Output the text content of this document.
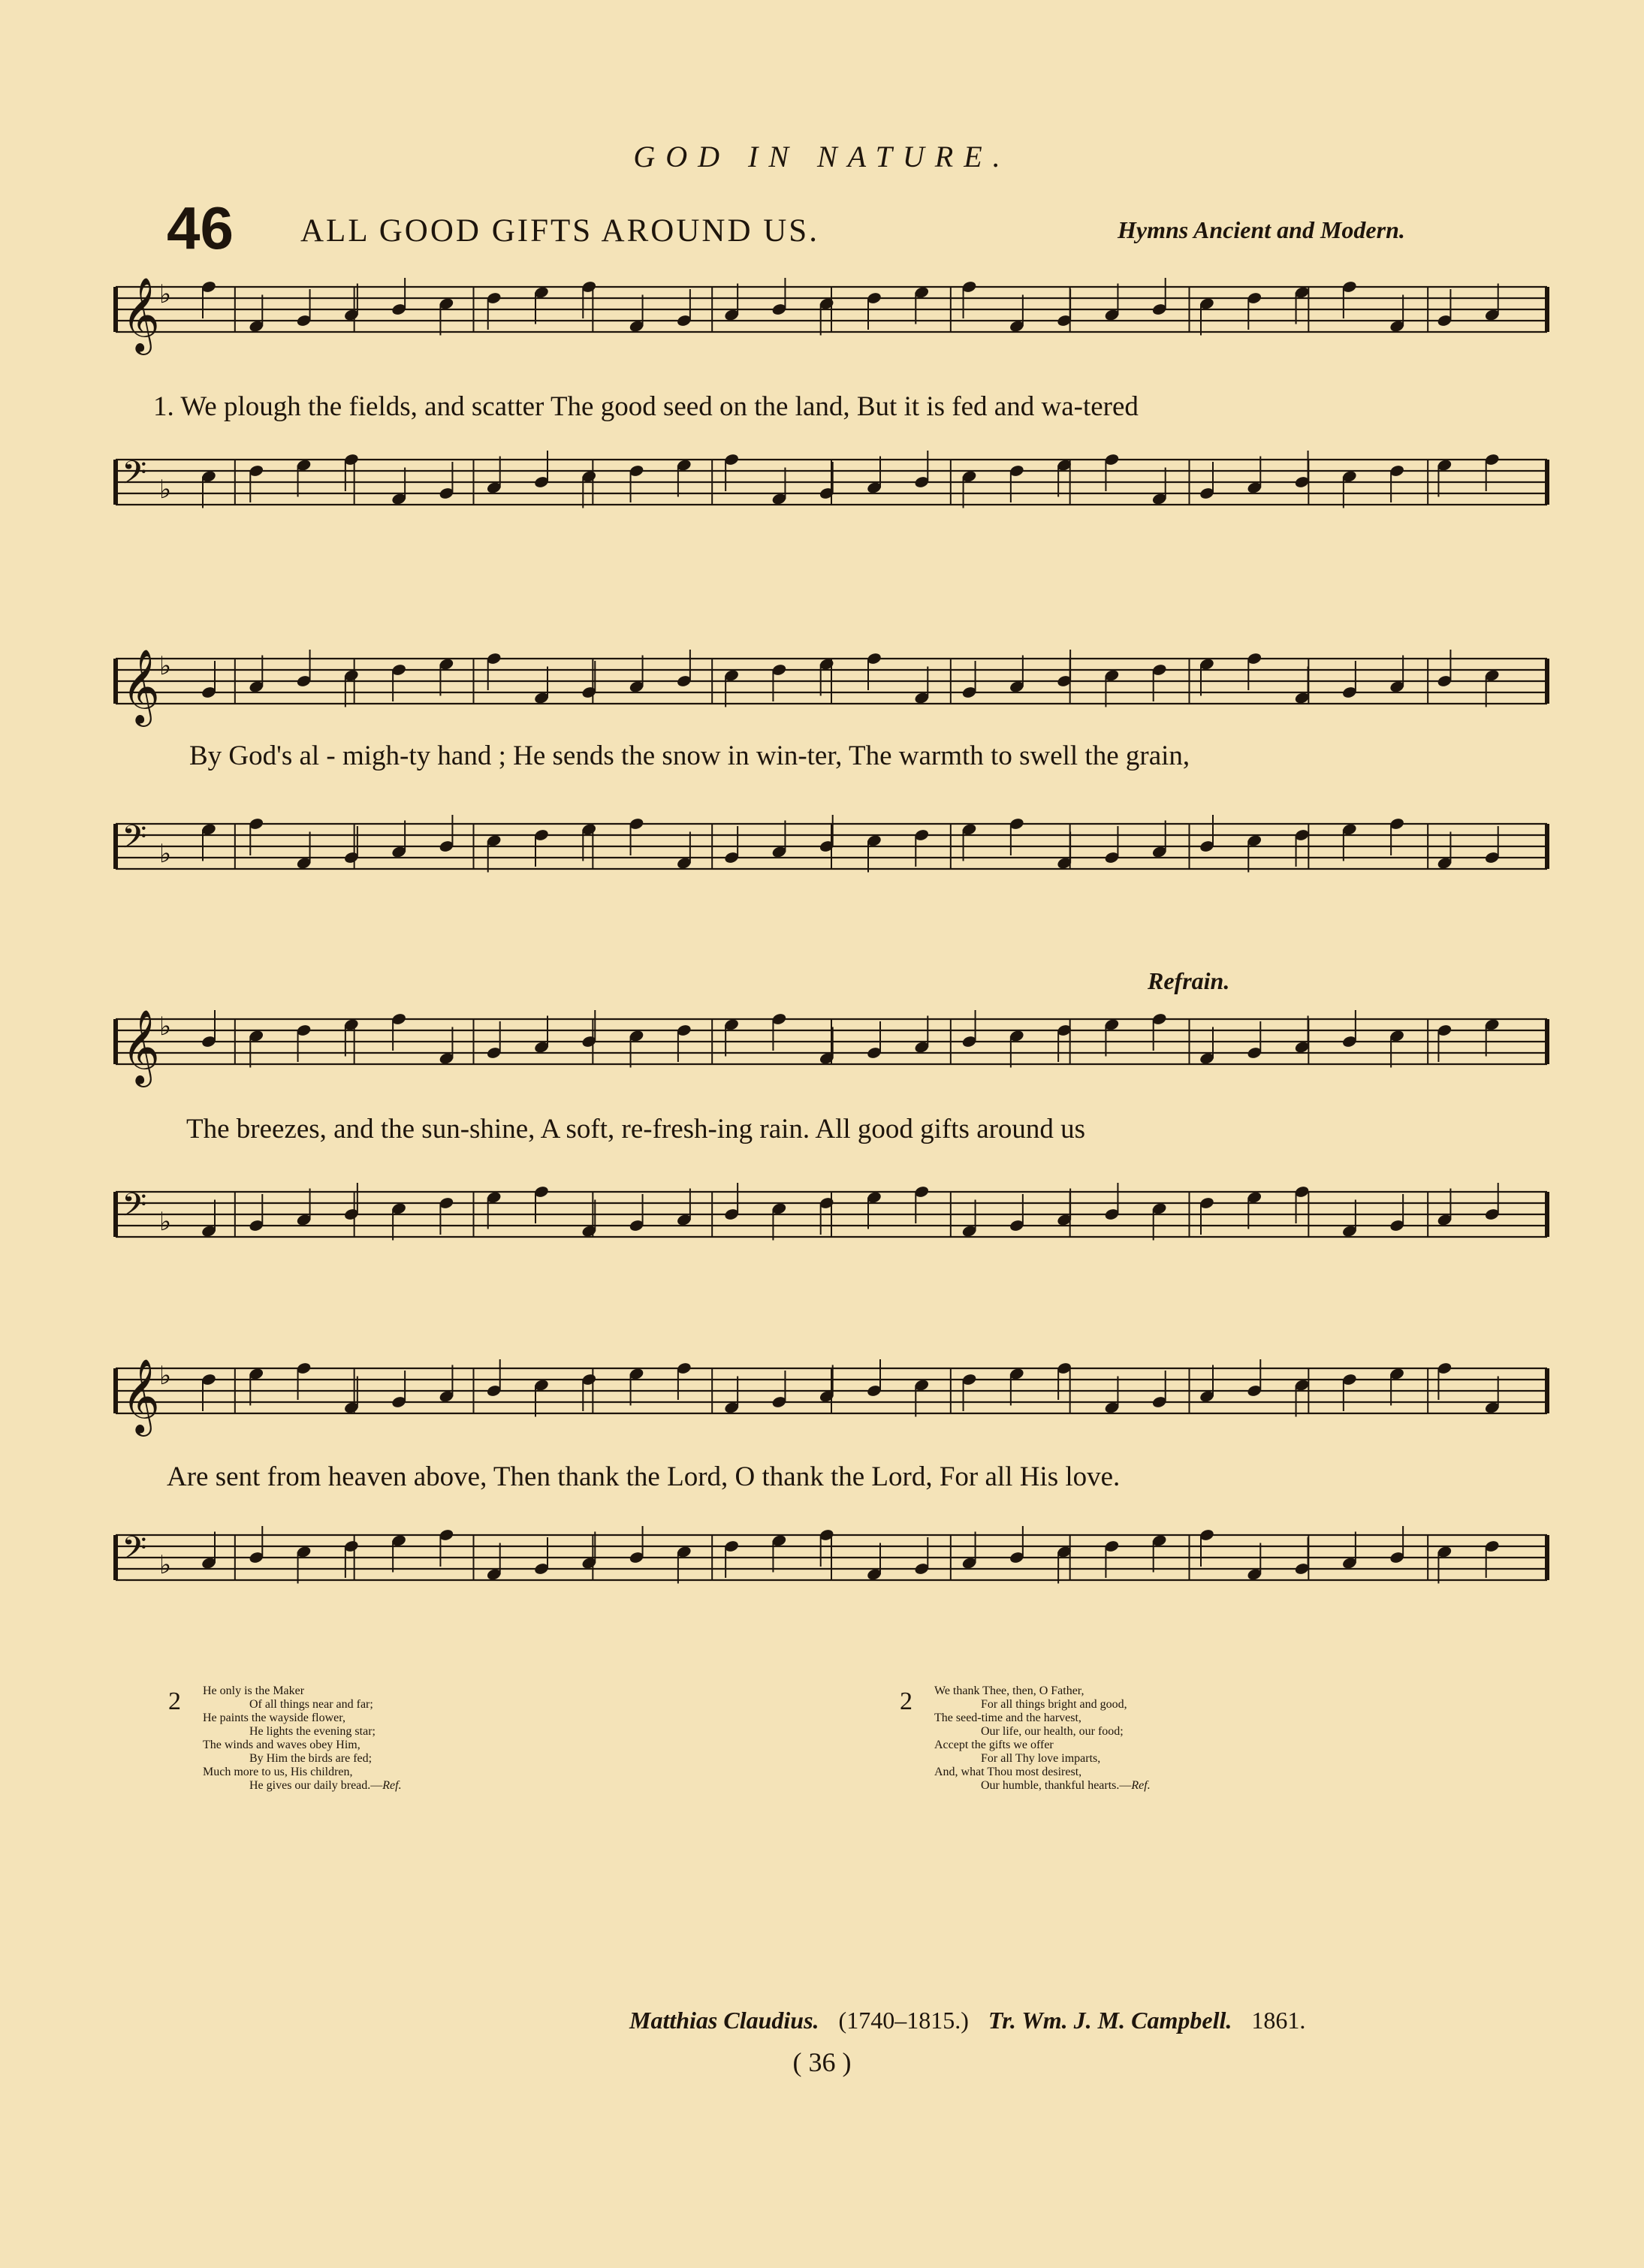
GOD IN NATURE.
46 ALL GOOD GIFTS AROUND US.	Hymns Ancient and Modern.
𝄞 ♭
1. We plough the fields, and scatter The good seed on the land, But it is fed and wa-tered
𝄢 ♭
𝄞 ♭
By God's al - migh-ty hand ; He sends the snow in win-ter, The warmth to swell the grain,
𝄢 ♭
Refrain.
𝄞 ♭
The breezes, and the sun-shine, A soft, re-fresh-ing rain. All good gifts around us
𝄢 ♭
𝄞 ♭
Are sent from heaven above, Then thank the Lord, O thank the Lord, For all His love.
𝄢 ♭
2 He only is the Maker
Of all things near and far;
He paints the wayside flower,
He lights the evening star;
The winds and waves obey Him,
By Him the birds are fed;
Much more to us, His children,
He gives our daily bread.—Ref.
2 We thank Thee, then, O Father,
For all things bright and good,
The seed-time and the harvest,
Our life, our health, our food;
Accept the gifts we offer
For all Thy love imparts,
And, what Thou most desirest,
Our humble, thankful hearts.—Ref.
Matthias Claudius. (1740–1815.) Tr. Wm. J. M. Campbell. 1861.
( 36 )
